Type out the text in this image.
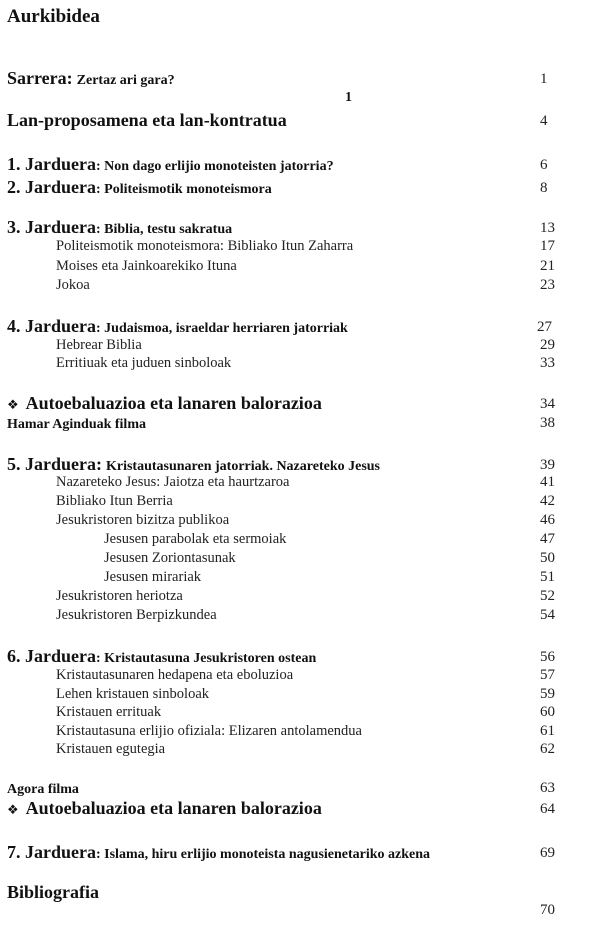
Aurkibidea
Sarrera: Zertaz ari gara?	1
1
Lan-proposamena eta lan-kontratua	4
1. Jarduera: Non dago erlijio monoteisten jatorria?	6
2. Jarduera: Politeismotik monoteismora	8
3. Jarduera: Biblia, testu sakratua	13
Politeismotik monoteismora: Bibliako Itun Zaharra	17
Moises eta Jainkoarekiko Ituna	21
Jokoa	23
4. Jarduera: Judaismoa, israeldar herriaren jatorriak	27
Hebrear Biblia	29
Erritiuak eta juduen sinboloak	33
❖ Autoebaluazioa eta lanaren balorazioa	34
Hamar Aginduak filma	38
5. Jarduera: Kristautasunaren jatorriak. Nazareteko Jesus	39
Nazareteko Jesus: Jaiotza eta haurtzaroa	41
Bibliako Itun Berria	42
Jesukristoren bizitza publikoa	46
Jesusen parabolak eta sermoiak	47
Jesusen Zoriontasunak	50
Jesusen mirariak	51
Jesukristoren heriotza	52
Jesukristoren Berpizkundea	54
6. Jarduera: Kristautasuna Jesukristoren ostean	56
Kristautasunaren hedapena eta eboluzioa	57
Lehen kristauen sinboloak	59
Kristauen errituak	60
Kristautasuna erlijio ofiziala: Elizaren antolamendua	61
Kristauen egutegia	62
Agora filma	63
❖ Autoebaluazioa eta lanaren balorazioa	64
7. Jarduera: Islama, hiru erlijio monoteista nagusienetariko azkena	69
Bibliografia
70
